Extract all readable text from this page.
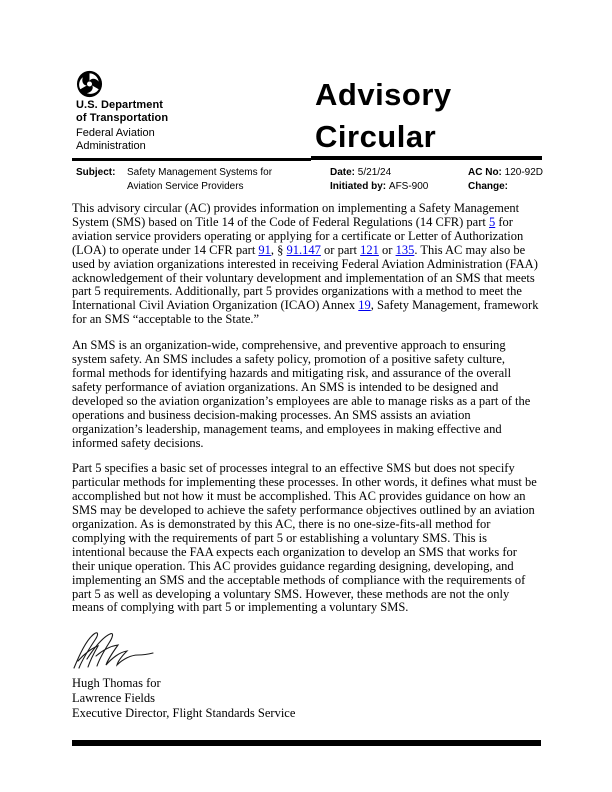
U.S. Department
of Transportation
Federal Aviation
Administration
Advisory
Circular
Subject: Safety Management Systems for
Aviation Service Providers
Date: 5/21/24
Initiated by: AFS-900
AC No: 120-92D
Change:

This advisory circular (AC) provides information on implementing a Safety Management System (SMS) based on Title 14 of the Code of Federal Regulations (14 CFR) part 5 for aviation service providers operating or applying for a certificate or Letter of Authorization (LOA) to operate under 14 CFR part 91, § 91.147 or part 121 or 135. This AC may also be used by aviation organizations interested in receiving Federal Aviation Administration (FAA) acknowledgement of their voluntary development and implementation of an SMS that meets part 5 requirements. Additionally, part 5 provides organizations with a method to meet the International Civil Aviation Organization (ICAO) Annex 19, Safety Management, framework for an SMS “acceptable to the State.”

An SMS is an organization-wide, comprehensive, and preventive approach to ensuring system safety. An SMS includes a safety policy, promotion of a positive safety culture, formal methods for identifying hazards and mitigating risk, and assurance of the overall safety performance of aviation organizations. An SMS is intended to be designed and developed so the aviation organization’s employees are able to manage risks as a part of the operations and business decision-making processes. An SMS assists an aviation organization’s leadership, management teams, and employees in making effective and informed safety decisions.

Part 5 specifies a basic set of processes integral to an effective SMS but does not specify particular methods for implementing these processes. In other words, it defines what must be accomplished but not how it must be accomplished. This AC provides guidance on how an SMS may be developed to achieve the safety performance objectives outlined by an aviation organization. As is demonstrated by this AC, there is no one-size-fits-all method for complying with the requirements of part 5 or establishing a voluntary SMS. This is intentional because the FAA expects each organization to develop an SMS that works for their unique operation. This AC provides guidance regarding designing, developing, and implementing an SMS and the acceptable methods of compliance with the requirements of part 5 as well as developing a voluntary SMS. However, these methods are not the only means of complying with part 5 or implementing a voluntary SMS.

Hugh Thomas for
Lawrence Fields
Executive Director, Flight Standards Service
